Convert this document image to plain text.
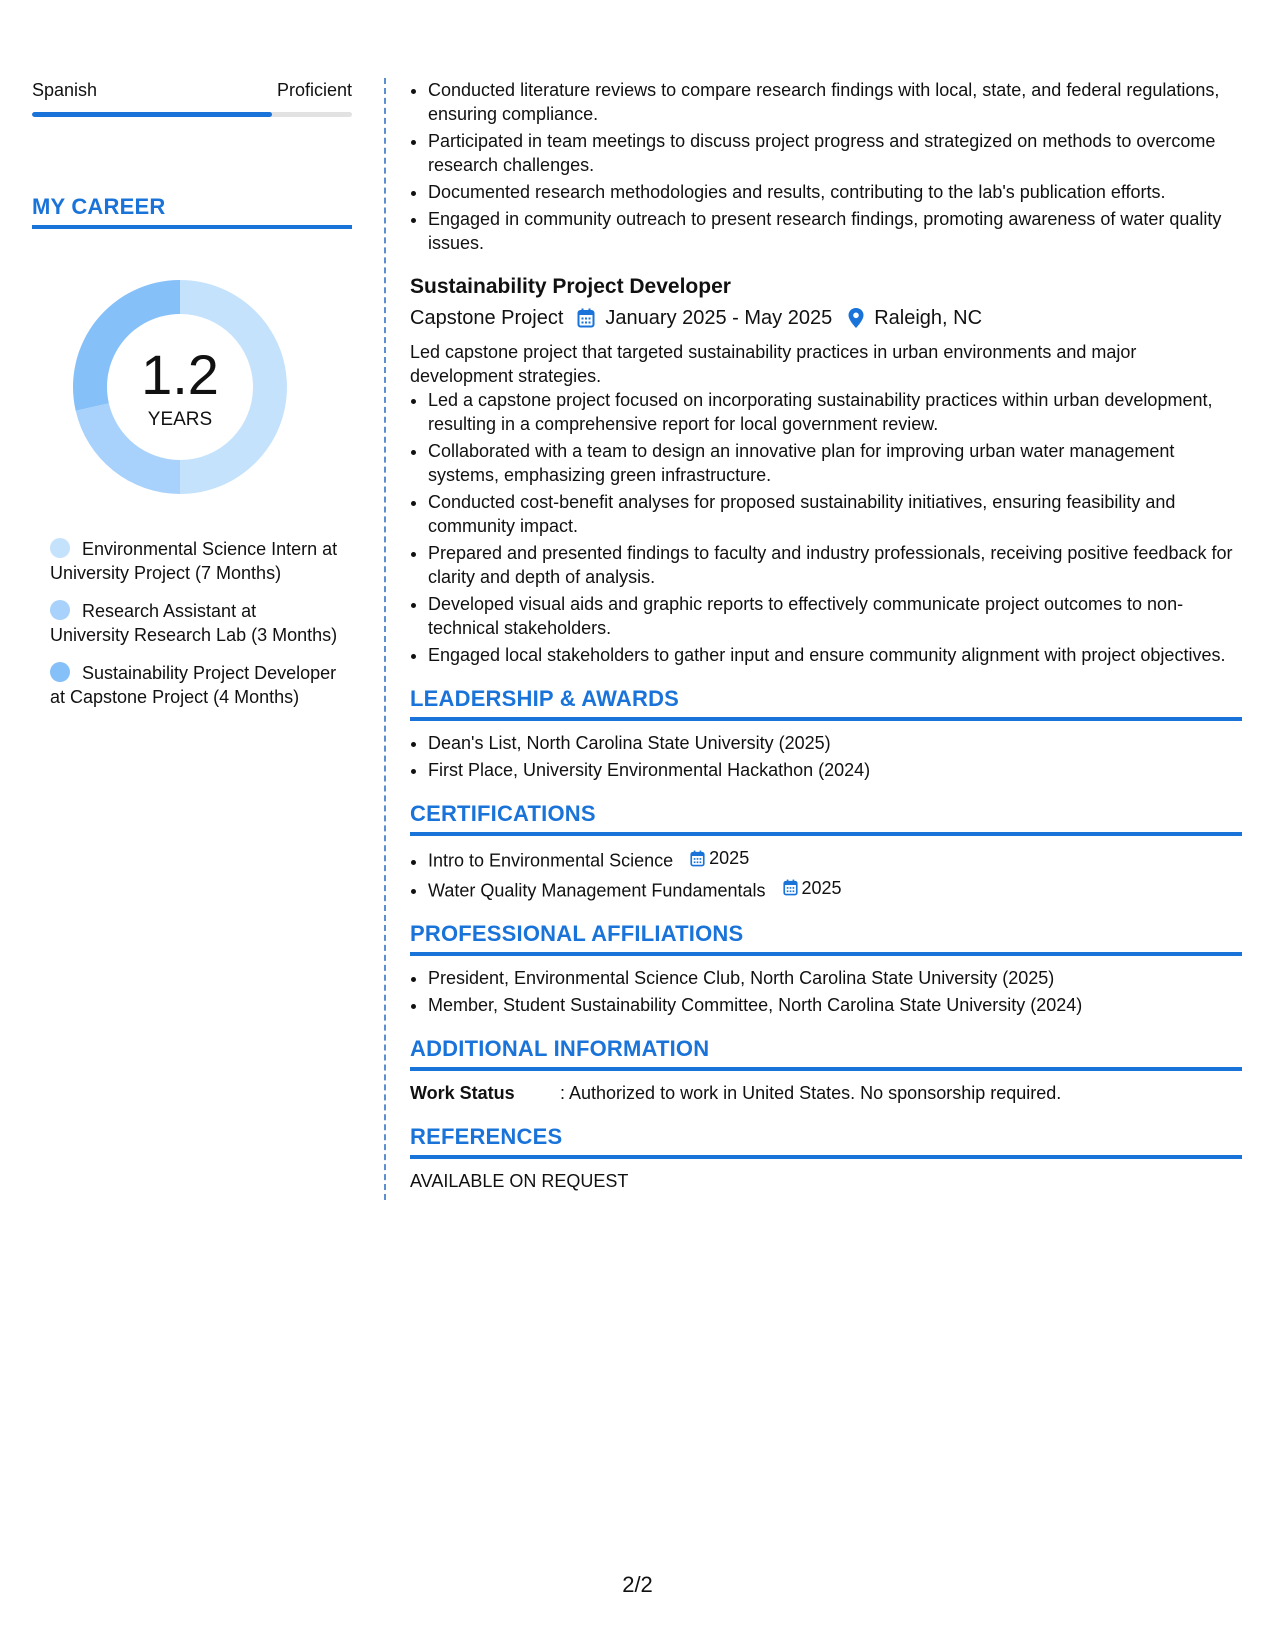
Spanish	Proficient
MY CAREER
1.2
YEARS
Environmental Science Intern at University Project (7 Months)
Research Assistant at University Research Lab (3 Months)
Sustainability Project Developer at Capstone Project (4 Months)
• Conducted literature reviews to compare research findings with local, state, and federal regulations, ensuring compliance.
• Participated in team meetings to discuss project progress and strategized on methods to overcome research challenges.
• Documented research methodologies and results, contributing to the lab's publication efforts.
• Engaged in community outreach to present research findings, promoting awareness of water quality issues.
Sustainability Project Developer
Capstone Project January 2025 - May 2025 Raleigh, NC
Led capstone project that targeted sustainability practices in urban environments and major development strategies.
• Led a capstone project focused on incorporating sustainability practices within urban development, resulting in a comprehensive report for local government review.
• Collaborated with a team to design an innovative plan for improving urban water management systems, emphasizing green infrastructure.
• Conducted cost-benefit analyses for proposed sustainability initiatives, ensuring feasibility and community impact.
• Prepared and presented findings to faculty and industry professionals, receiving positive feedback for clarity and depth of analysis.
• Developed visual aids and graphic reports to effectively communicate project outcomes to non-technical stakeholders.
• Engaged local stakeholders to gather input and ensure community alignment with project objectives.
LEADERSHIP & AWARDS
• Dean's List, North Carolina State University (2025)
• First Place, University Environmental Hackathon (2024)
CERTIFICATIONS
• Intro to Environmental Science 2025
• Water Quality Management Fundamentals 2025
PROFESSIONAL AFFILIATIONS
• President, Environmental Science Club, North Carolina State University (2025)
• Member, Student Sustainability Committee, North Carolina State University (2024)
ADDITIONAL INFORMATION
Work Status	: Authorized to work in United States. No sponsorship required.
REFERENCES
AVAILABLE ON REQUEST
2/2
